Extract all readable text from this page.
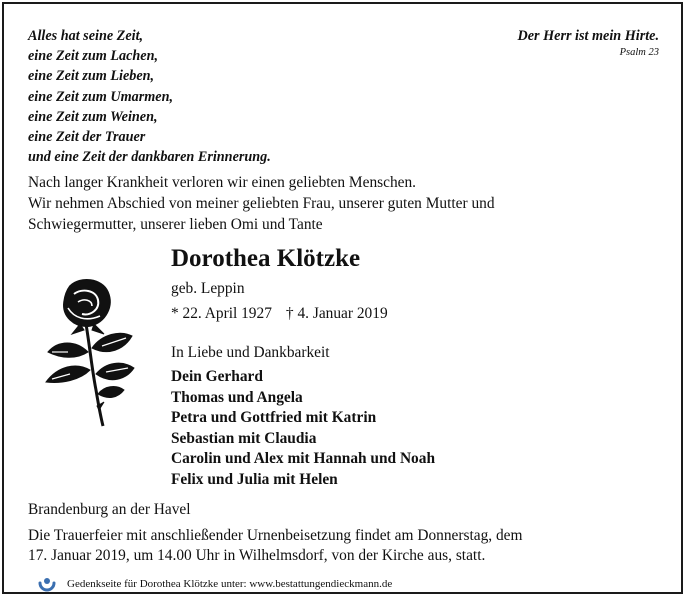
Alles hat seine Zeit,
eine Zeit zum Lachen,
eine Zeit zum Lieben,
eine Zeit zum Umarmen,
eine Zeit zum Weinen,
eine Zeit der Trauer
und eine Zeit der dankbaren Erinnerung.
Der Herr ist mein Hirte.
Psalm 23
Nach langer Krankheit verloren wir einen geliebten Menschen.
Wir nehmen Abschied von meiner geliebten Frau, unserer guten Mutter und
Schwiegermutter, unserer lieben Omi und Tante
Dorothea Klötzke
geb. Leppin
* 22. April 1927 † 4. Januar 2019
In Liebe und Dankbarkeit
Dein Gerhard
Thomas und Angela
Petra und Gottfried mit Katrin
Sebastian mit Claudia
Carolin und Alex mit Hannah und Noah
Felix und Julia mit Helen
Brandenburg an der Havel
Die Trauerfeier mit anschließender Urnenbeisetzung findet am Donnerstag, dem
17. Januar 2019, um 14.00 Uhr in Wilhelmsdorf, von der Kirche aus, statt.
Gedenkseite für Dorothea Klötzke unter: www.bestattungendieckmann.de
